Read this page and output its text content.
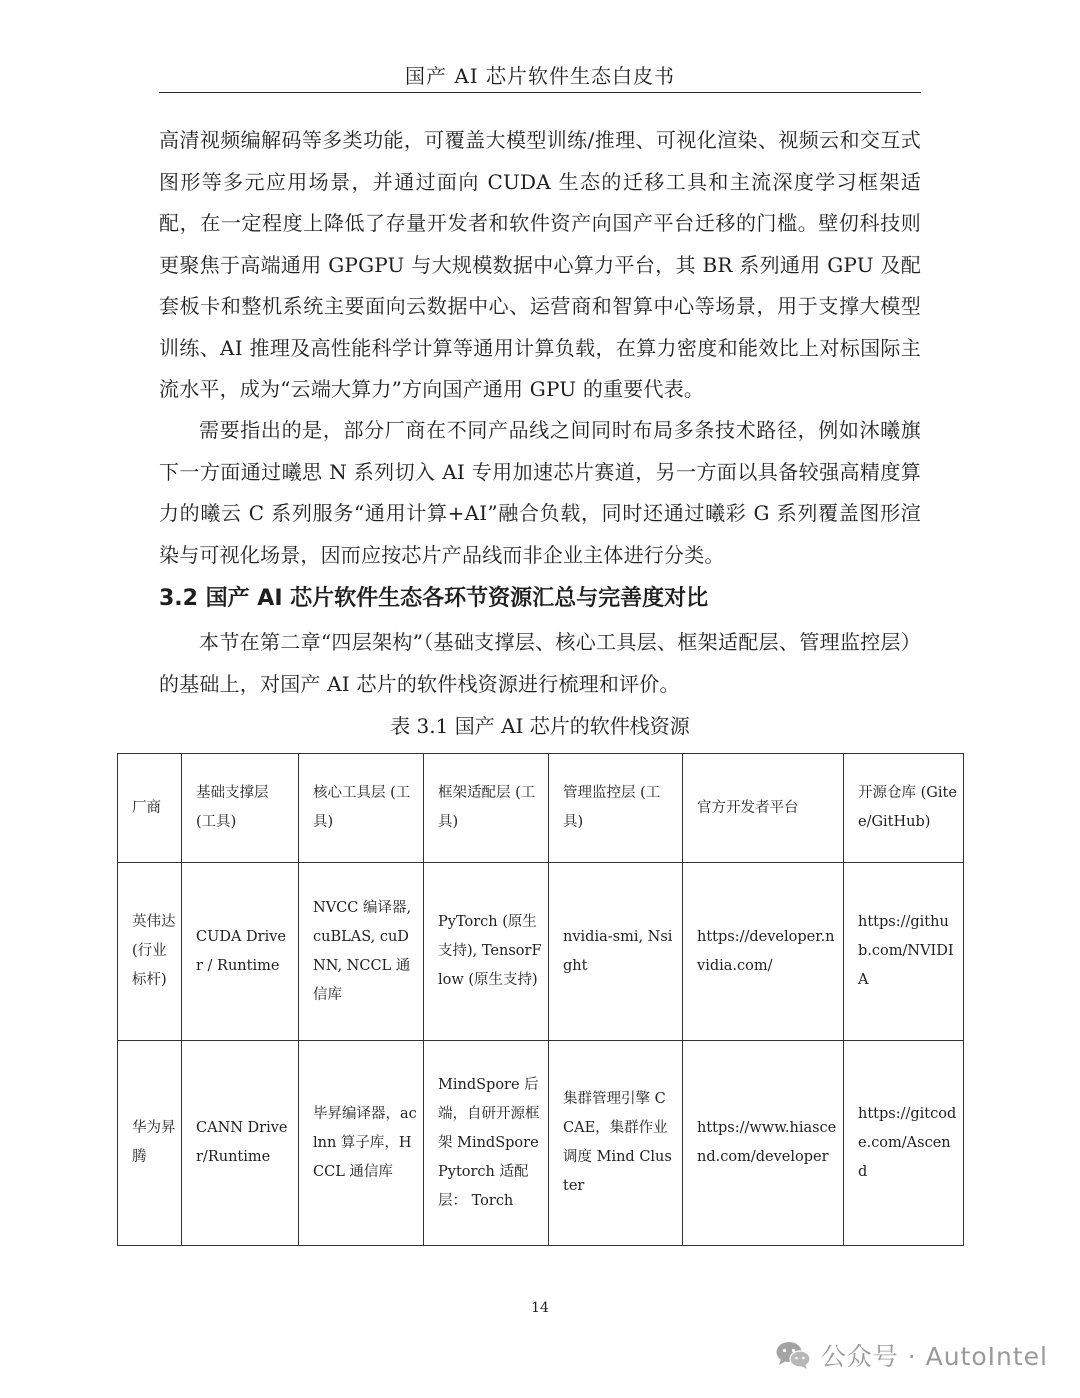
国产 AI 芯片软件生态白皮书

高清视频编解码等多类功能，可覆盖大模型训练/推理、可视化渲染、视频云和交互式图形等多元应用场景，并通过面向 CUDA 生态的迁移工具和主流深度学习框架适配，在一定程度上降低了存量开发者和软件资产向国产平台迁移的门槛。壁仞科技则更聚焦于高端通用 GPGPU 与大规模数据中心算力平台，其 BR 系列通用 GPU 及配套板卡和整机系统主要面向云数据中心、运营商和智算中心等场景，用于支撑大模型训练、AI 推理及高性能科学计算等通用计算负载，在算力密度和能效比上对标国际主流水平，成为“云端大算力”方向国产通用 GPU 的重要代表。

需要指出的是，部分厂商在不同产品线之间同时布局多条技术路径，例如沐曦旗下一方面通过曦思 N 系列切入 AI 专用加速芯片赛道，另一方面以具备较强高精度算力的曦云 C 系列服务“通用计算+AI”融合负载，同时还通过曦彩 G 系列覆盖图形渲染与可视化场景，因而应按芯片产品线而非企业主体进行分类。

3.2 国产 AI 芯片软件生态各环节资源汇总与完善度对比

本节在第二章“四层架构”（基础支撑层、核心工具层、框架适配层、管理监控层）的基础上，对国产 AI 芯片的软件栈资源进行梳理和评价。

表 3.1 国产 AI 芯片的软件栈资源
厂商	基础支撑层 (工具)	核心工具层 (工具)	框架适配层 (工具)	管理监控层 (工具)	官方开发者平台	开源仓库 (Gitee/GitHub)
英伟达 (行业标杆)	CUDA Driver / Runtime	NVCC 编译器, cuBLAS, cuDNN, NCCL 通信库	PyTorch (原生支持), TensorFlow (原生支持)	nvidia-smi, Nsight	https://developer.nvidia.com/	https://github.com/NVIDIA
华为昇腾	CANN Driver/Runtime	毕昇编译器，aclnn 算子库，HCCL 通信库	MindSpore 后端，自研开源框架 MindSpore Pytorch 适配层： Torch	集群管理引擎 CCAE，集群作业调度 Mind Cluster	https://www.hiascend.com/developer	https://gitcode.com/Ascend
14
公众号 · AutoIntel
